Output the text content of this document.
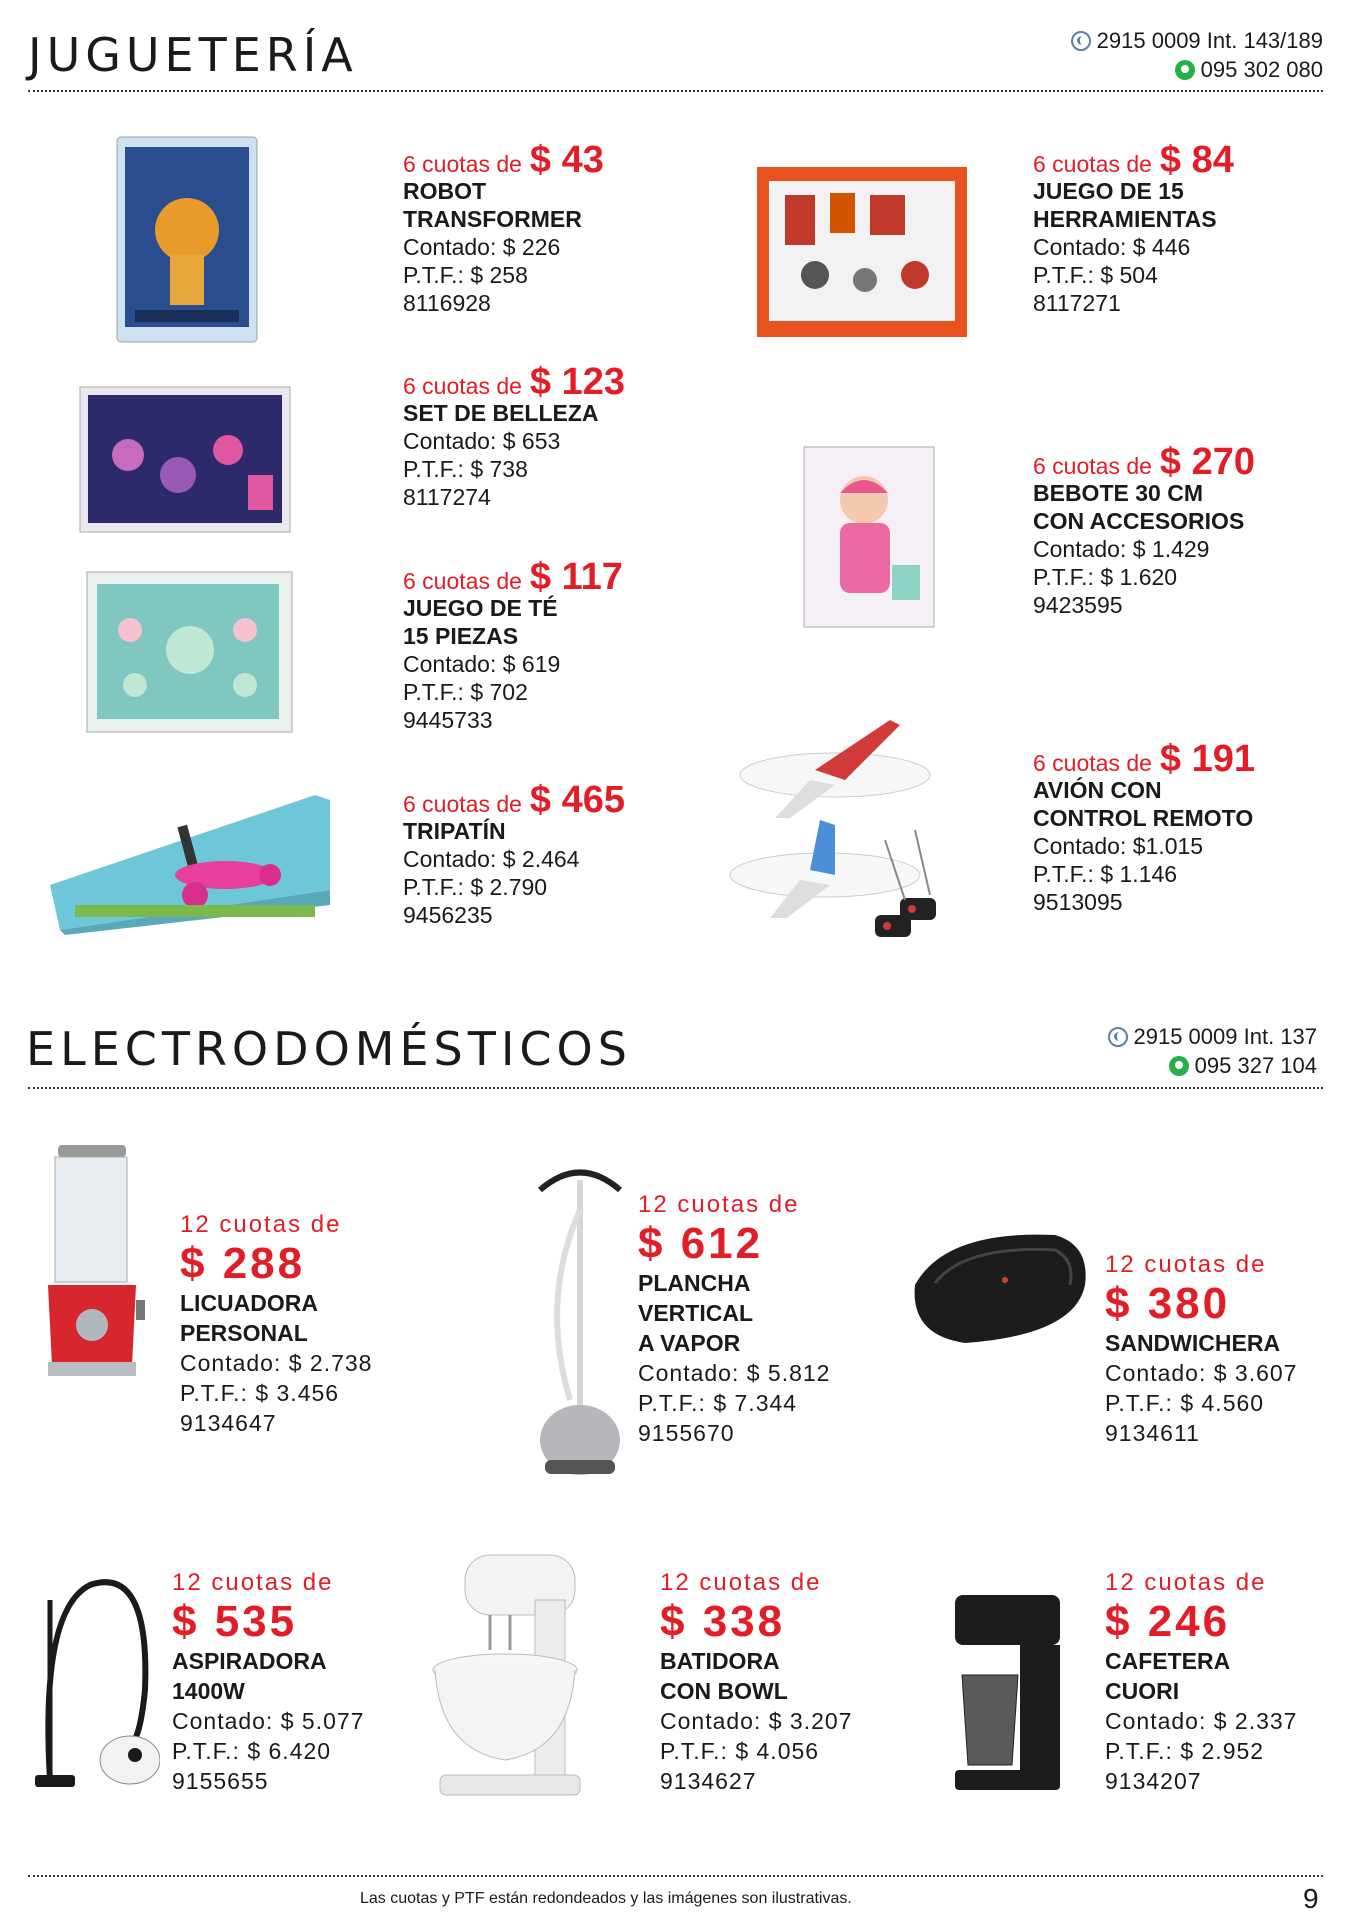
JUGUETERÍA	2915 0009 Int. 143/189
095 302 080
6 cuotas de $ 43
ROBOT
TRANSFORMER
Contado: $ 226
P.T.F.: $ 258
8116928
6 cuotas de $ 84
JUEGO DE 15
HERRAMIENTAS
Contado: $ 446
P.T.F.: $ 504
8117271
6 cuotas de $ 123
SET DE BELLEZA
Contado: $ 653
P.T.F.: $ 738
8117274
6 cuotas de $ 270
BEBOTE 30 CM
CON ACCESORIOS
Contado: $ 1.429
P.T.F.: $ 1.620
9423595
6 cuotas de $ 117
JUEGO DE TÉ
15 PIEZAS
Contado: $ 619
P.T.F.: $ 702
9445733
6 cuotas de $ 191
AVIÓN CON
CONTROL REMOTO
Contado: $1.015
P.T.F.: $ 1.146
9513095
6 cuotas de $ 465
TRIPATÍN
Contado: $ 2.464
P.T.F.: $ 2.790
9456235
ELECTRODOMÉSTICOS	2915 0009 Int. 137
095 327 104
12 cuotas de
$ 288
LICUADORA
PERSONAL
Contado: $ 2.738
P.T.F.: $ 3.456
9134647
12 cuotas de
$ 612
PLANCHA
VERTICAL
A VAPOR
Contado: $ 5.812
P.T.F.: $ 7.344
9155670
12 cuotas de
$ 380
SANDWICHERA
Contado: $ 3.607
P.T.F.: $ 4.560
9134611
12 cuotas de
$ 535
ASPIRADORA
1400W
Contado: $ 5.077
P.T.F.: $ 6.420
9155655
12 cuotas de
$ 338
BATIDORA
CON BOWL
Contado: $ 3.207
P.T.F.: $ 4.056
9134627
12 cuotas de
$ 246
CAFETERA
CUORI
Contado: $ 2.337
P.T.F.: $ 2.952
9134207
Las cuotas y PTF están redondeados y las imágenes son ilustrativas.	9
